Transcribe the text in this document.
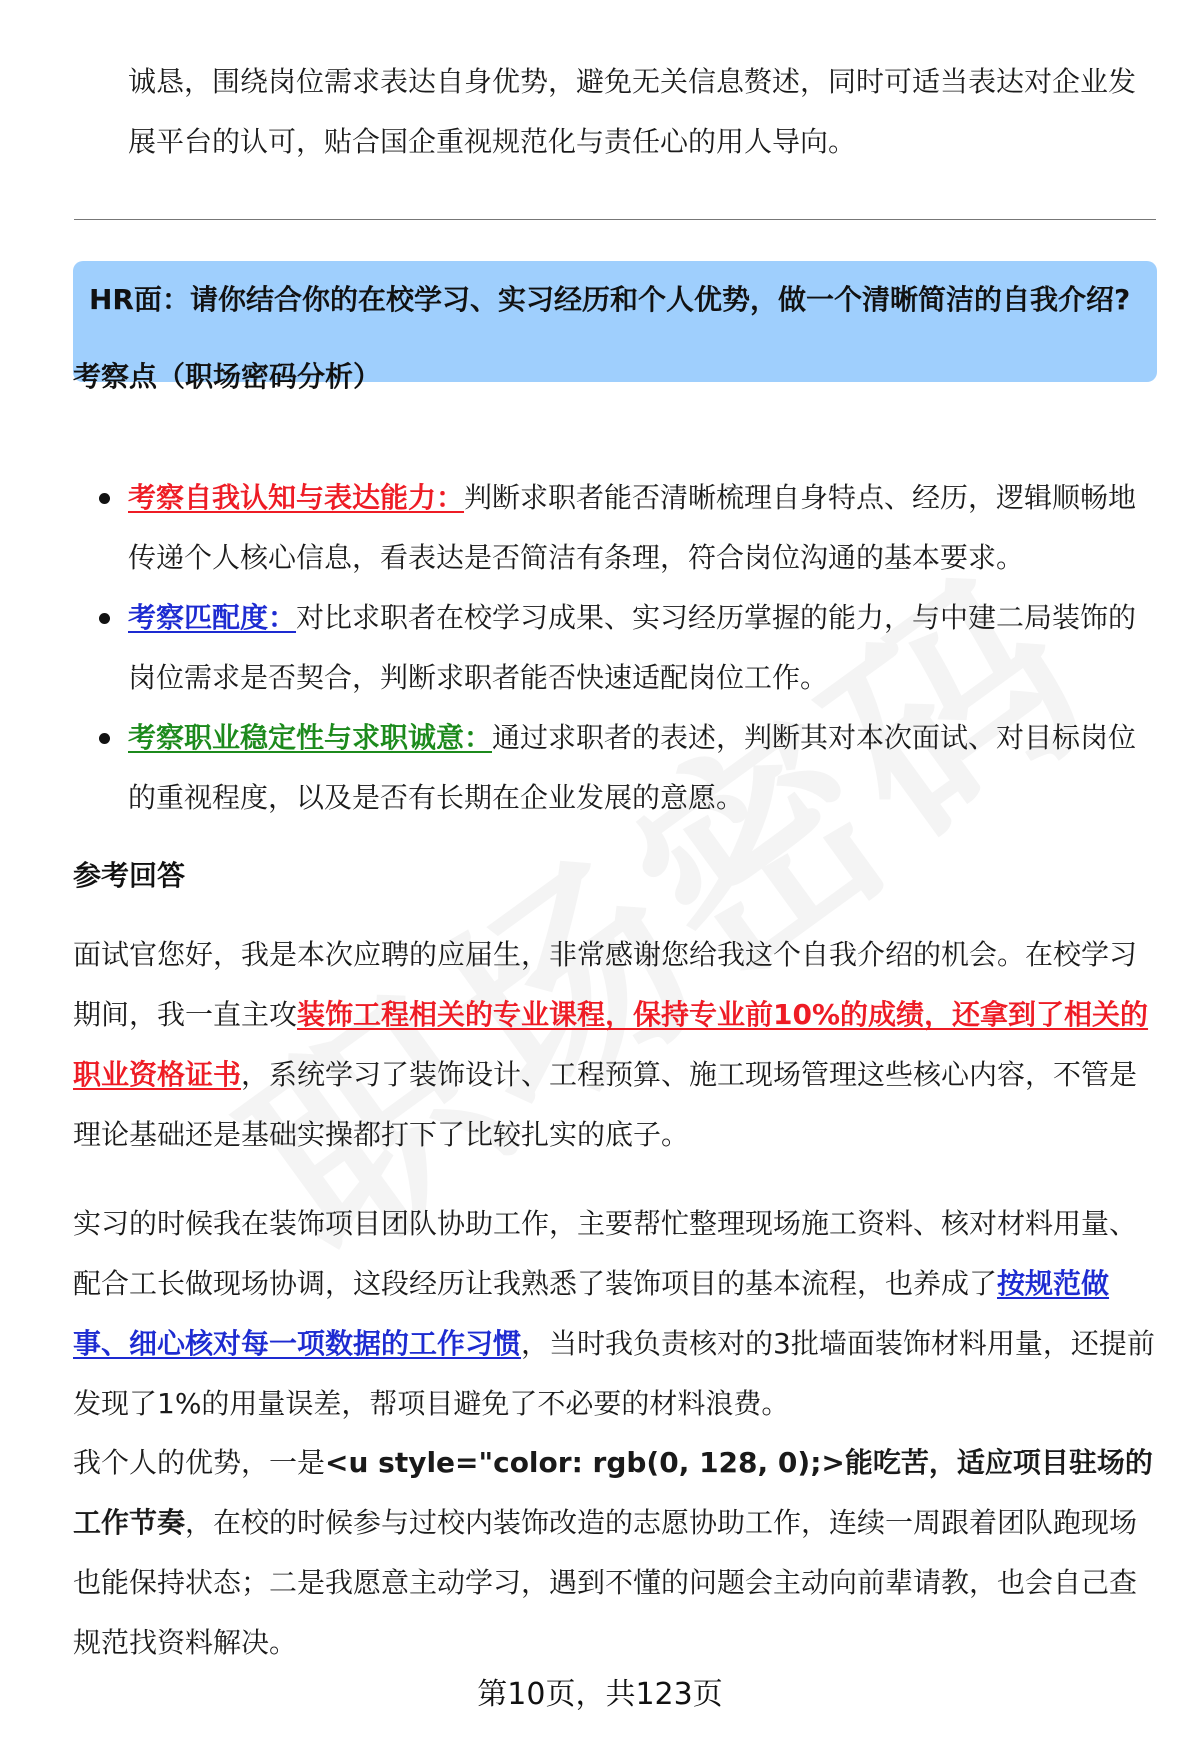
诚恳，围绕岗位需求表达自身优势，避免无关信息赘述，同时可适当表达对企业发展平台的认可，贴合国企重视规范化与责任心的用人导向。

HR面：请你结合你的在校学习、实习经历和个人优势，做一个清晰简洁的自我介绍?
考察点（职场密码分析）
考察自我认知与表达能力：判断求职者能否清晰梳理自身特点、经历，逻辑顺畅地传递个人核心信息，看表达是否简洁有条理，符合岗位沟通的基本要求。
考察匹配度：对比求职者在校学习成果、实习经历掌握的能力，与中建二局装饰的岗位需求是否契合，判断求职者能否快速适配岗位工作。
考察职业稳定性与求职诚意：通过求职者的表述，判断其对本次面试、对目标岗位的重视程度，以及是否有长期在企业发展的意愿。
参考回答

面试官您好，我是本次应聘的应届生，非常感谢您给我这个自我介绍的机会。在校学习期间，我一直主攻装饰工程相关的专业课程，保持专业前10%的成绩，还拿到了相关的职业资格证书，系统学习了装饰设计、工程预算、施工现场管理这些核心内容，不管是理论基础还是基础实操都打下了比较扎实的底子。

实习的时候我在装饰项目团队协助工作，主要帮忙整理现场施工资料、核对材料用量、配合工长做现场协调，这段经历让我熟悉了装饰项目的基本流程，也养成了按规范做事、细心核对每一项数据的工作习惯，当时我负责核对的3批墙面装饰材料用量，还提前发现了1%的用量误差，帮项目避免了不必要的材料浪费。

我个人的优势，一是<u style="color: rgb(0, 128, 0);>能吃苦，适应项目驻场的工作节奏，在校的时候参与过校内装饰改造的志愿协助工作，连续一周跟着团队跑现场也能保持状态；二是我愿意主动学习，遇到不懂的问题会主动向前辈请教，也会自己查规范找资料解决。

第10页，共123页
